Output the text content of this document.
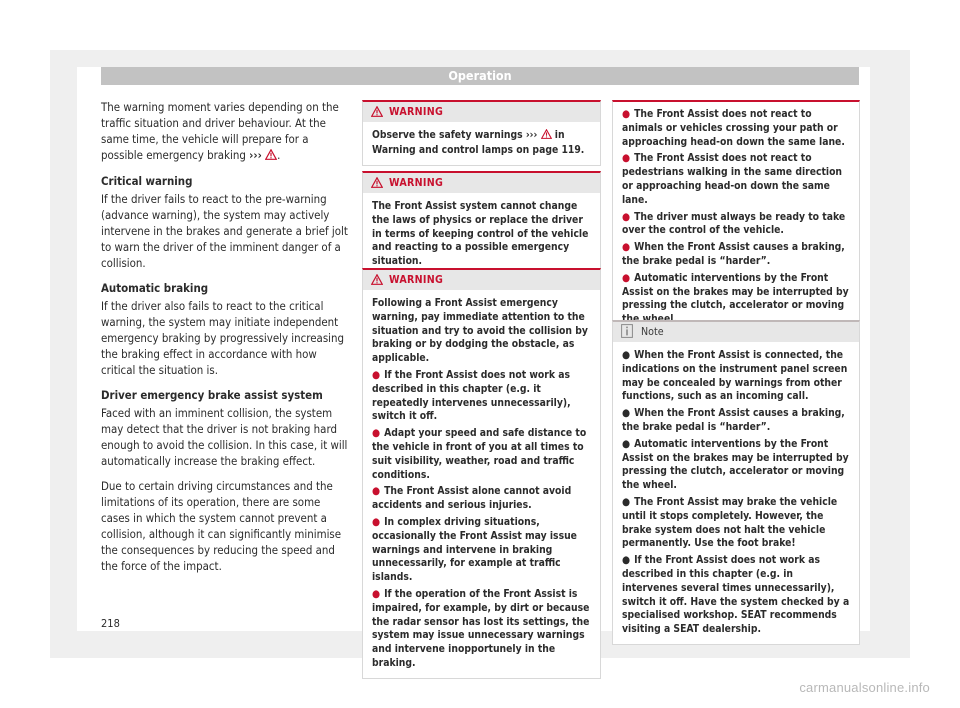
Operation

The warning moment varies depending on the traffic situation and driver behaviour. At the same time, the vehicle will prepare for a possible emergency braking ››› .

Critical warning

If the driver fails to react to the pre-warning (advance warning), the system may actively intervene in the brakes and generate a brief jolt to warn the driver of the imminent danger of a collision.

Automatic braking

If the driver also fails to react to the critical warning, the system may initiate independent emergency braking by progressively increasing the braking effect in accordance with how critical the situation is.

Driver emergency brake assist system

Faced with an imminent collision, the system may detect that the driver is not braking hard enough to avoid the collision. In this case, it will automatically increase the braking effect.

Due to certain driving circumstances and the limitations of its operation, there are some cases in which the system cannot prevent a collision, although it can significantly minimise the consequences by reducing the speed and the force of the impact.

WARNING
Observe the safety warnings ››› in Warning and control lamps on page 119.
WARNING
The Front Assist system cannot change the laws of physics or replace the driver in terms of keeping control of the vehicle and reacting to a possible emergency situation.
WARNING

Following a Front Assist emergency warning, pay immediate attention to the situation and try to avoid the collision by braking or by dodging the obstacle, as applicable.

● If the Front Assist does not work as described in this chapter (e.g. it repeatedly intervenes unnecessarily), switch it off.
● Adapt your speed and safe distance to the vehicle in front of you at all times to suit visibility, weather, road and traffic conditions.
● The Front Assist alone cannot avoid accidents and serious injuries.
● In complex driving situations, occasionally the Front Assist may issue warnings and intervene in braking unnecessarily, for example at traffic islands.
● If the operation of the Front Assist is impaired, for example, by dirt or because the radar sensor has lost its settings, the system may issue unnecessary warnings and intervene inopportunely in the braking.
● The Front Assist does not react to animals or vehicles crossing your path or approaching head-on down the same lane.
● The Front Assist does not react to pedestrians walking in the same direction or approaching head-on down the same lane.
● The driver must always be ready to take over the control of the vehicle.
● When the Front Assist causes a braking, the brake pedal is “harder”.
● Automatic interventions by the Front Assist on the brakes may be interrupted by pressing the clutch, accelerator or moving
Note
● When the Front Assist is connected, the indications on the instrument panel screen may be concealed by warnings from other functions, such as an incoming call.
● When the Front Assist causes a braking, the brake pedal is “harder”.
● Automatic interventions by the Front Assist on the brakes may be interrupted by pressing the clutch, accelerator or moving the wheel.
● The Front Assist may brake the vehicle until it stops completely. However, the brake system does not halt the vehicle permanently. Use the foot brake!
● If the Front Assist does not work as described in this chapter (e.g. in intervenes several times unnecessarily), switch it off. Have the system checked by a specialised workshop. SEAT recommends visiting a SEAT dealership.
218
carmanualsonline.info
